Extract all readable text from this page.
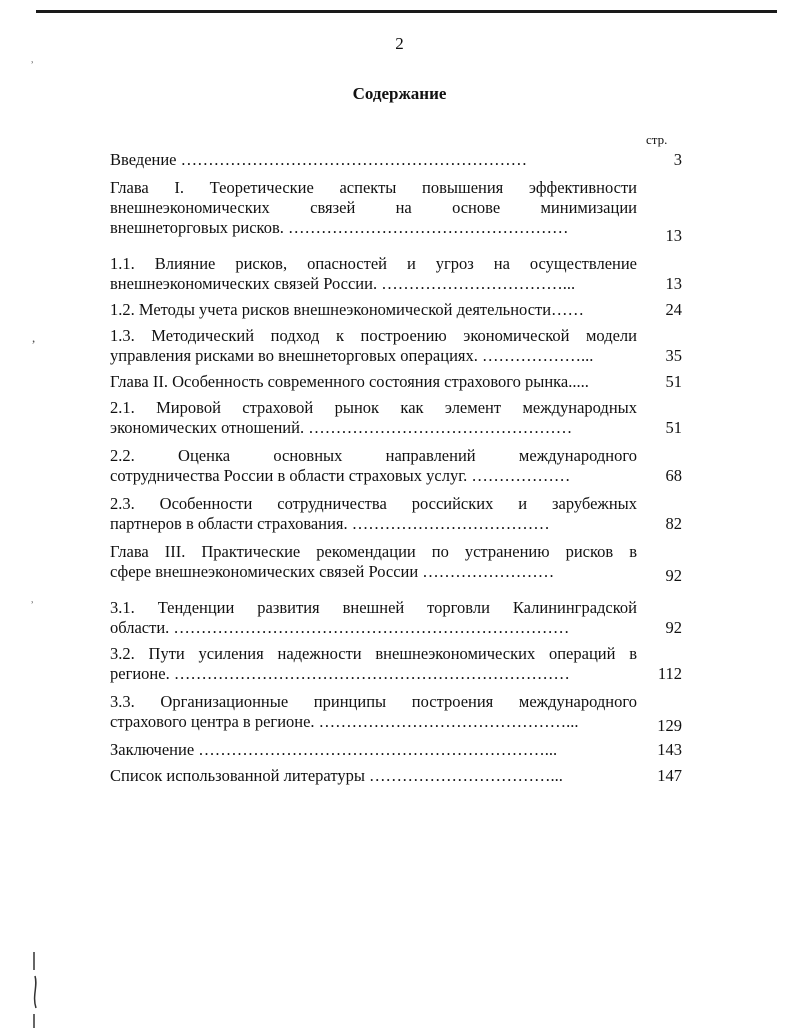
2
Содержание
стр.
Введение ………………………………………………………	3
Глава I. Теоретические аспекты повышения эффективности
внешнеэкономических связей на основе минимизации
внешнеторговых рисков. ……………………………………………	13
1.1. Влияние рисков, опасностей и угроз на осуществление
внешнеэкономических связей России. ……………………………...	13
1.2. Методы учета рисков внешнеэкономической деятельности……	24
1.3. Методический подход к построению экономической модели
управления рисками во внешнеторговых операциях. ………………...	35
Глава II. Особенность современного состояния страхового рынка.....	51
2.1. Мировой страховой рынок как элемент международных
экономических отношений. …………………………………………	51
2.2. Оценка основных направлений международного
сотрудничества России в области страховых услуг. ………………	68
2.3. Особенности сотрудничества российских и зарубежных
партнеров в области страхования. ………………………………	82
Глава III. Практические рекомендации по устранению рисков в
сфере внешнеэкономических связей России ……………………	92
3.1. Тенденции развития внешней торговли Калининградской
области. ………………………………………………………………	92
3.2. Пути усиления надежности внешнеэкономических операций в
регионе. ………………………………………………………………	112
3.3. Организационные принципы построения международного
страхового центра в регионе. ………………………………………...	129
Заключение ………………………………………………………...	143
Список использованной литературы ……………………………...	147
ʾ
,
ʾ
